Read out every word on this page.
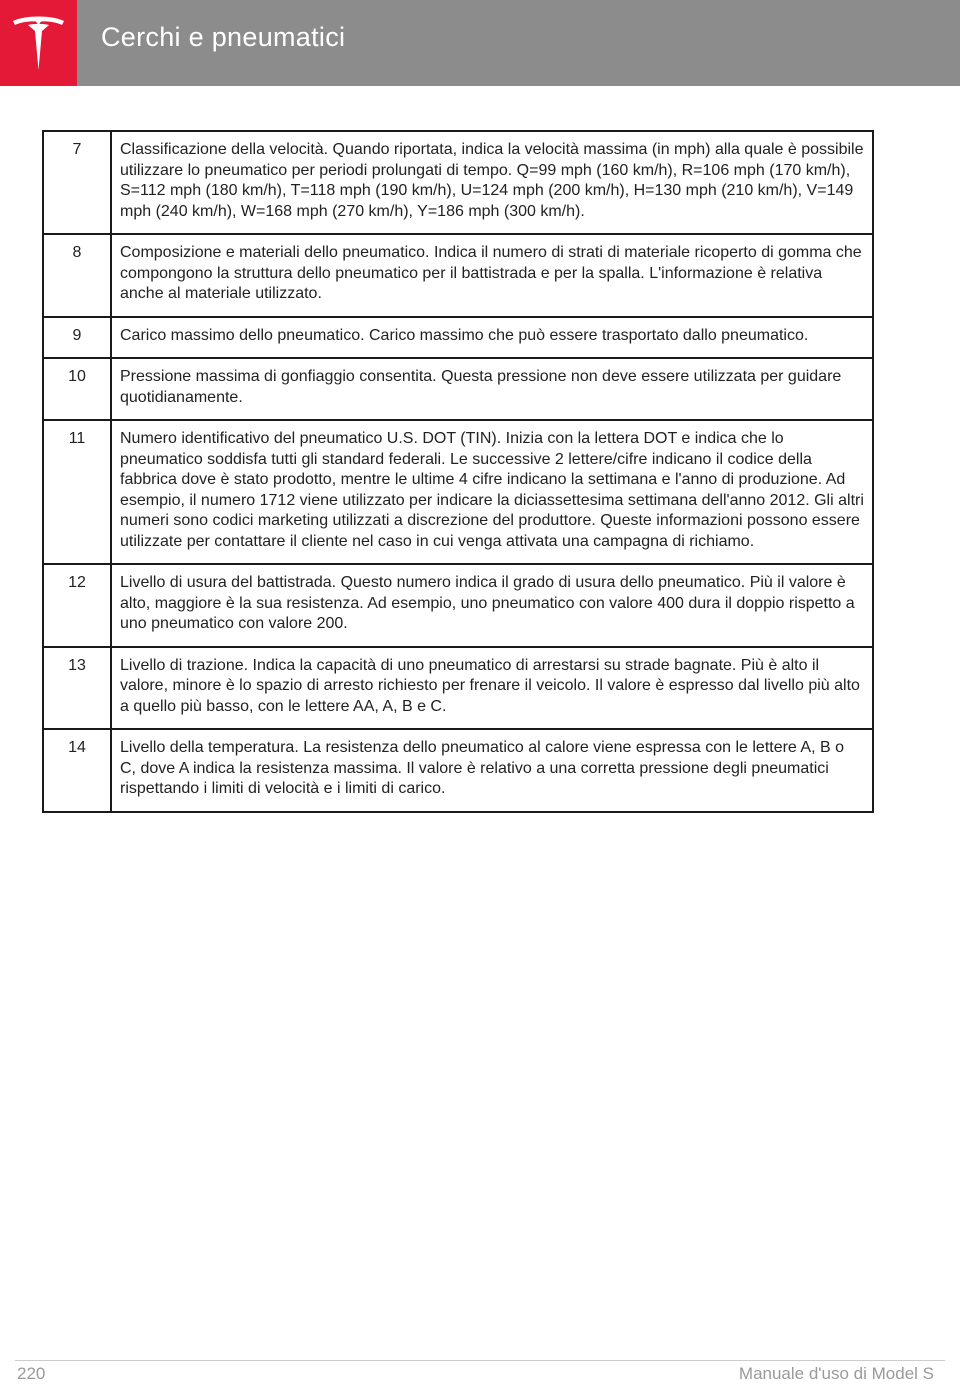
Cerchi e pneumatici
7	Classificazione della velocità. Quando riportata, indica la velocità massima (in mph) alla quale è possibile utilizzare lo pneumatico per periodi prolungati di tempo. Q=99 mph (160 km/h), R=106 mph (170 km/h), S=112 mph (180 km/h), T=118 mph (190 km/h), U=124 mph (200 km/h), H=130 mph (210 km/h), V=149 mph (240 km/h), W=168 mph (270 km/h), Y=186 mph (300 km/h).
8	Composizione e materiali dello pneumatico. Indica il numero di strati di materiale ricoperto di gomma che compongono la struttura dello pneumatico per il battistrada e per la spalla. L'informazione è relativa anche al materiale utilizzato.
9	Carico massimo dello pneumatico. Carico massimo che può essere trasportato dallo pneumatico.
10	Pressione massima di gonfiaggio consentita. Questa pressione non deve essere utilizzata per guidare quotidianamente.
11	Numero identificativo del pneumatico U.S. DOT (TIN). Inizia con la lettera DOT e indica che lo pneumatico soddisfa tutti gli standard federali. Le successive 2 lettere/cifre indicano il codice della fabbrica dove è stato prodotto, mentre le ultime 4 cifre indicano la settimana e l'anno di produzione. Ad esempio, il numero 1712 viene utilizzato per indicare la diciassettesima settimana dell'anno 2012. Gli altri numeri sono codici marketing utilizzati a discrezione del produttore. Queste informazioni possono essere utilizzate per contattare il cliente nel caso in cui venga attivata una campagna di richiamo.
12	Livello di usura del battistrada. Questo numero indica il grado di usura dello pneumatico. Più il valore è alto, maggiore è la sua resistenza. Ad esempio, uno pneumatico con valore 400 dura il doppio rispetto a uno pneumatico con valore 200.
13	Livello di trazione. Indica la capacità di uno pneumatico di arrestarsi su strade bagnate. Più è alto il valore, minore è lo spazio di arresto richiesto per frenare il veicolo. Il valore è espresso dal livello più alto a quello più basso, con le lettere AA, A, B e C.
14	Livello della temperatura. La resistenza dello pneumatico al calore viene espressa con le lettere A, B o C, dove A indica la resistenza massima. Il valore è relativo a una corretta pressione degli pneumatici rispettando i limiti di velocità e i limiti di carico.
220	Manuale d'uso di Model S
